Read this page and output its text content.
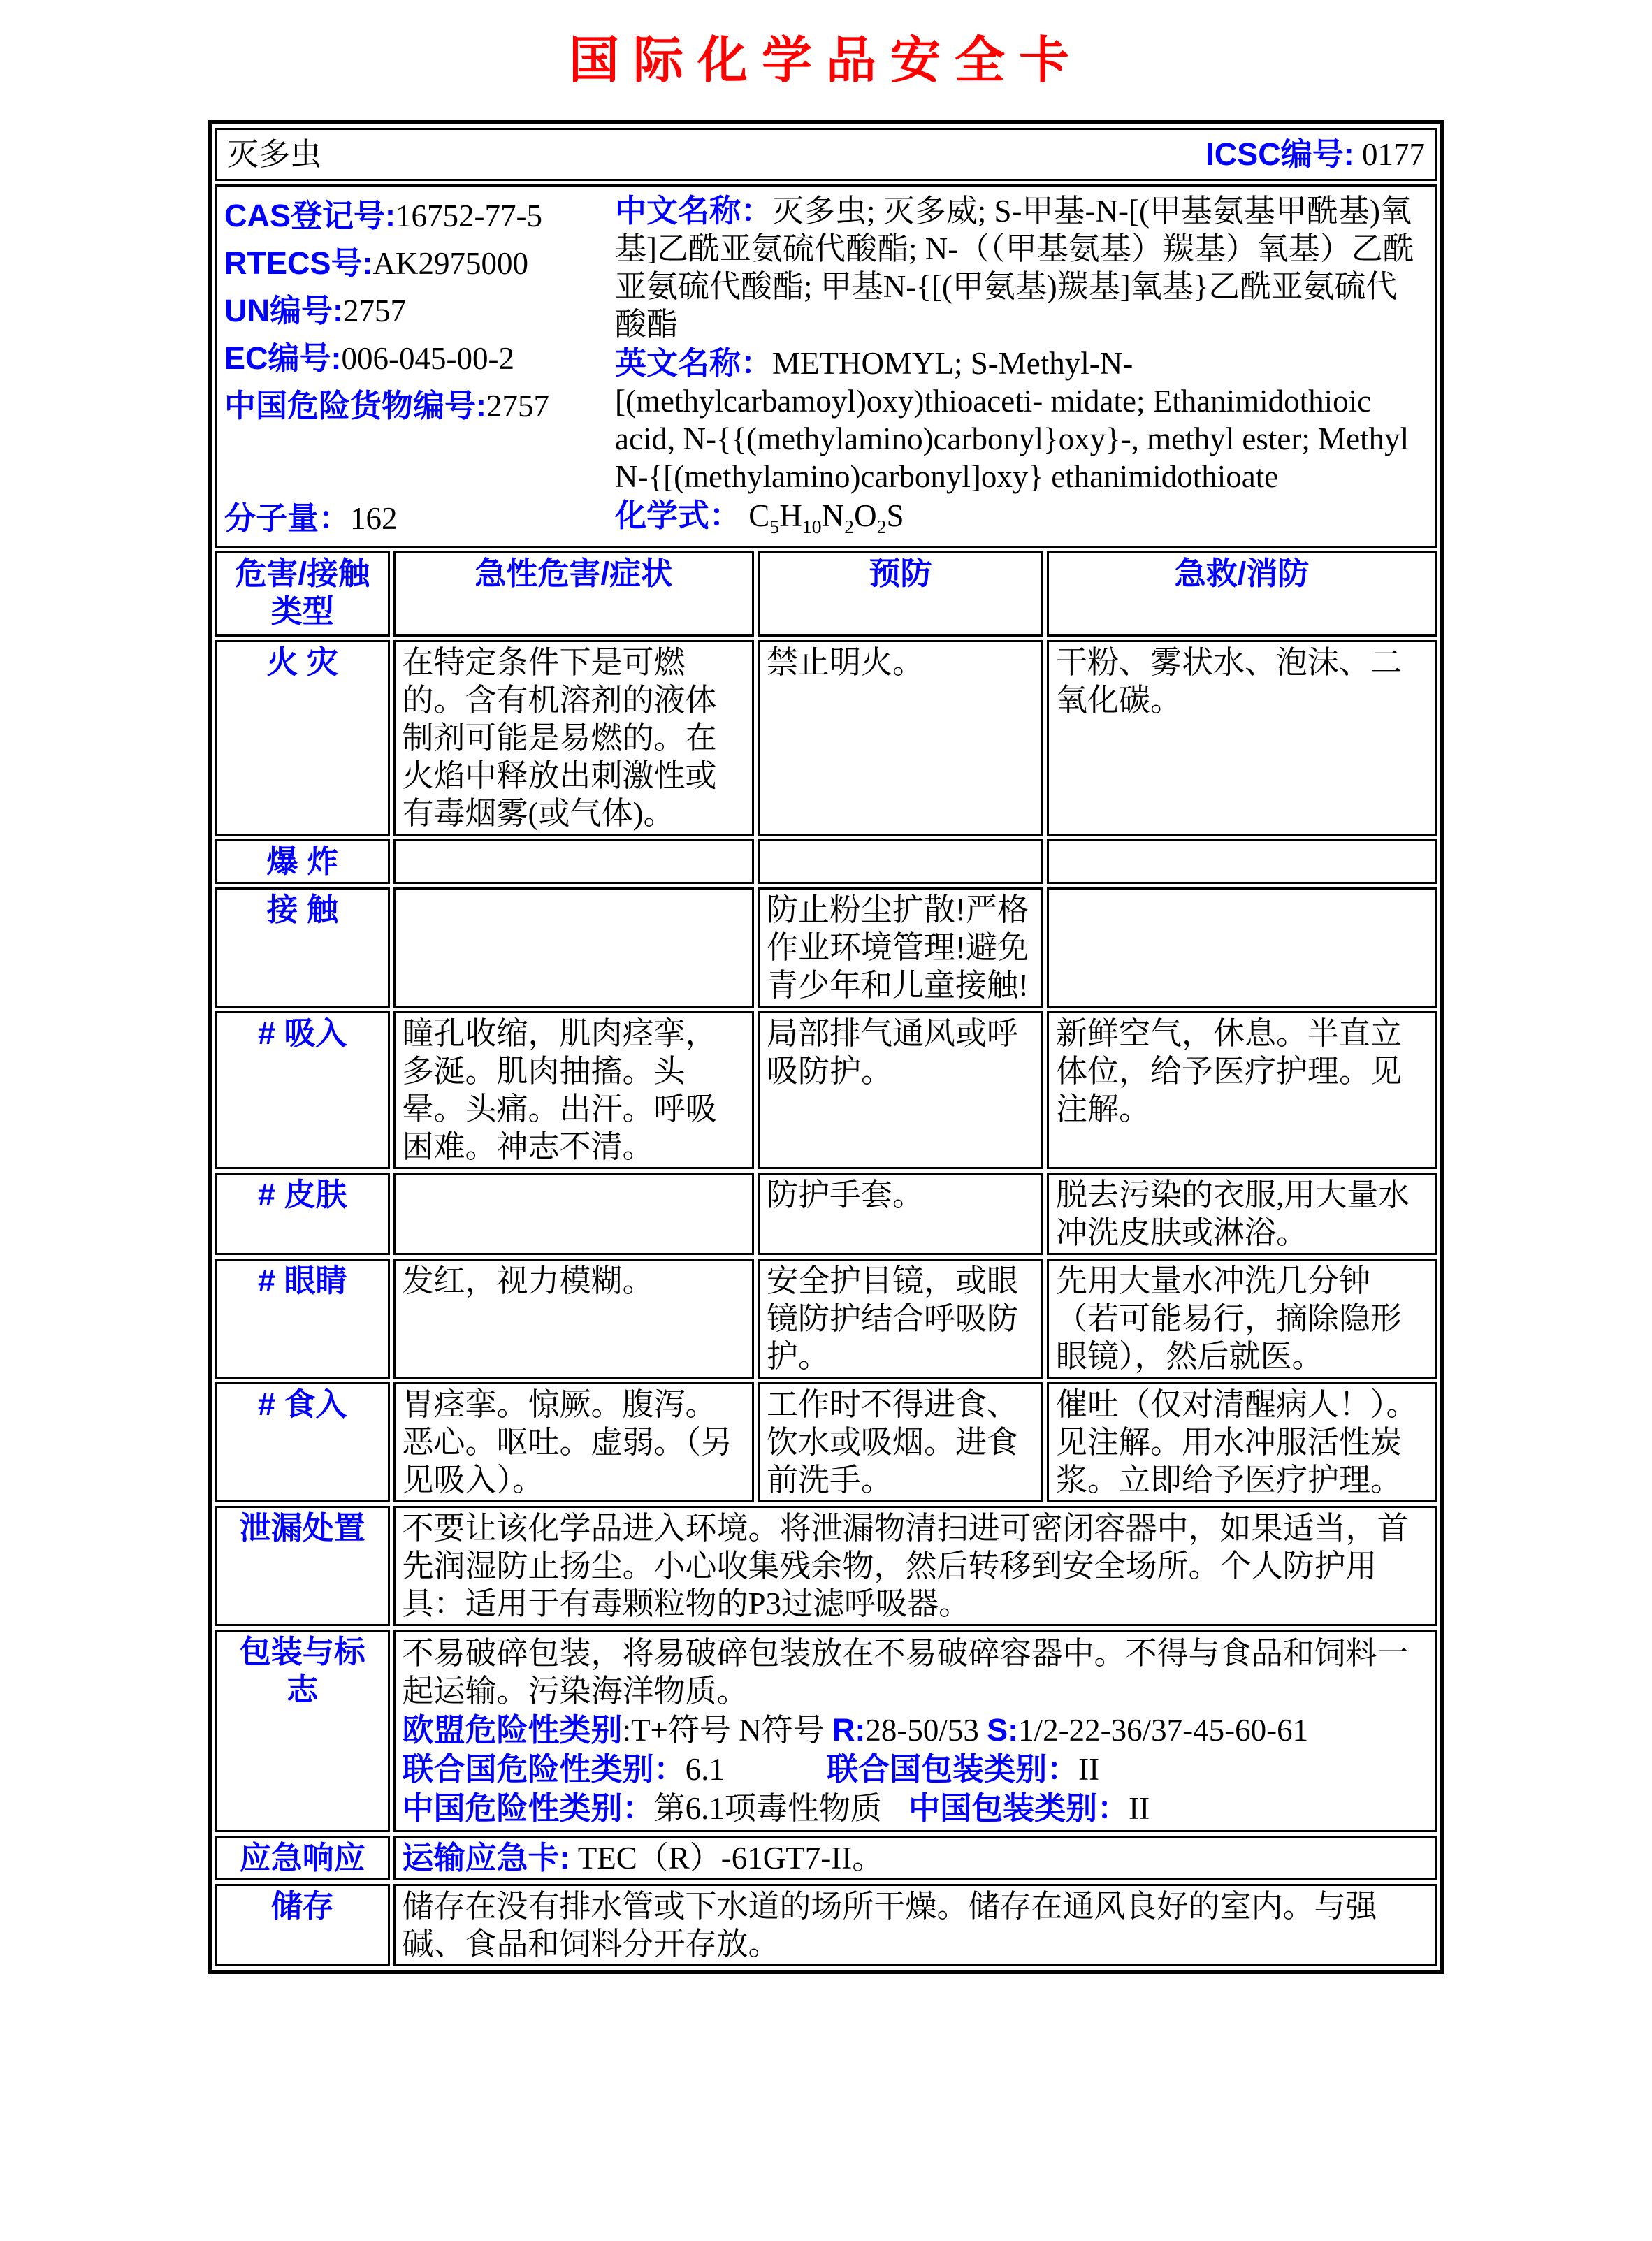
国际化学品安全卡
灭多虫 ICSC编号: 0177			

CAS登记号:16752-77-5
RTECS号:AK2975000
UN编号:2757
EC编号:006-045-00-2
中国危险货物编号:2757
分子量：162

中文名称：灭多虫; 灭多威; S-甲基-N-[(甲基氨基甲酰基)氧基]乙酰亚氨硫代酸酯; N-（（甲基氨基）羰基）氧基）乙酰亚氨硫代酸酯; 甲基N-{[(甲氨基)羰基]氧基}乙酰亚氨硫代酸酯

英文名称：METHOMYL; S-Methyl-N-[(methylcarbamoyl)oxy)thioaceti- midate; Ethanimidothioic acid, N-{{(methylamino)carbonyl}oxy}-, methyl ester; Methyl N-{[(methylamino)carbonyl]oxy} ethanimidothioate

化学式： $C_5H_{10}N_2O_2S$

危害/接触类型	急性危害/症状	预防	急救/消防
火 灾	在特定条件下是可燃的。含有机溶剂的液体制剂可能是易燃的。在火焰中释放出刺激性或有毒烟雾(或气体)。	禁止明火。	干粉、雾状水、泡沫、二氧化碳。
爆 炸			
接 触		防止粉尘扩散!严格作业环境管理!避免青少年和儿童接触!	
# 吸入	瞳孔收缩，肌肉痉挛，多涎。肌肉抽搐。头晕。头痛。出汗。呼吸困难。神志不清。	局部排气通风或呼吸防护。	新鲜空气，休息。半直立体位，给予医疗护理。见注解。
# 皮肤		防护手套。	脱去污染的衣服,用大量水冲洗皮肤或淋浴。
# 眼睛	发红，视力模糊。	安全护目镜，或眼镜防护结合呼吸防护。	先用大量水冲洗几分钟（若可能易行，摘除隐形眼镜），然后就医。
# 食入	胃痉挛。惊厥。腹泻。恶心。呕吐。虚弱。（另见吸入）。	工作时不得进食、饮水或吸烟。进食前洗手。	催吐（仅对清醒病人！）。见注解。用水冲服活性炭浆。立即给予医疗护理。
泄漏处置	不要让该化学品进入环境。将泄漏物清扫进可密闭容器中，如果适当，首先润湿防止扬尘。小心收集残余物，然后转移到安全场所。个人防护用具：适用于有毒颗粒物的P3过滤呼吸器。		
包装与标志	不易破碎包装，将易破碎包装放在不易破碎容器中。不得与食品和饲料一起运输。污染海洋物质。
欧盟危险性类别:T+符号 N符号 R:28-50/53 S:1/2-22-36/37-45-60-61
联合国危险性类别：6.1 联合国包装类别：II
中国危险性类别：第6.1项毒性物质 中国包装类别：II		

应急响应	运输应急卡: TEC（R）-61GT7-II。		
储存	储存在没有排水管或下水道的场所干燥。储存在通风良好的室内。与强碱、食品和饲料分开存放。		
